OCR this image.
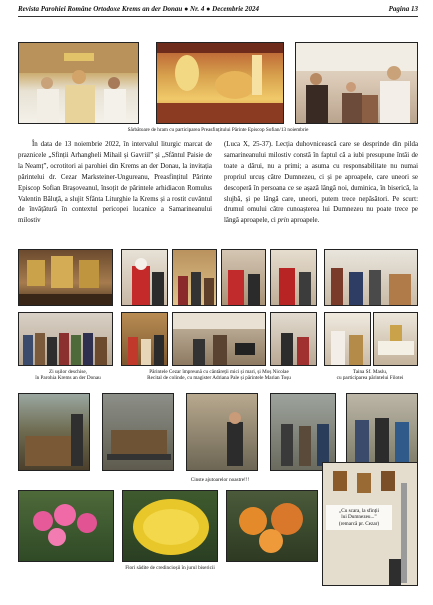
Revista Parohiei Române Ortodoxe Krems an der Donau ● Nr. 4 ● Decembrie 2024	Pagina 13
Sărbătoare de hram cu participarea Preasfințitului Părinte Episcop Sofian/13 noiembrie
În data de 13 noiembrie 2022, în intervalul liturgic marcat de praznicele „Sfinții Arhangheli Mihail și Gavriil” și „Sfântul Paisie de la Neamț”, ocrotitori ai parohiei din Krems an der Donau, la invitația părintelui dr. Cezar Marksteiner-Ungureanu, Preasfințitul Părinte Episcop Sofian Brașoveanul, însoțit de părintele arhidiacon Romulus Valentin Băluță, a slujit Sfânta Liturghie la Krems și a rostit cuvântul de învățătură în contextul pericopei lucanice a Samarineanului milostiv
(Luca X, 25-37). Lecția duhovnicească care se desprinde din pilda samarineanului milostiv constă în faptul că a iubi presupune întâi de toate a dărui, nu a primi; a asuma cu responsabilitate nu numai propriul urcuș către Dumnezeu, ci și pe aproapele, care uneori se descoperă în persoana ce se așază lângă noi, duminica, în biserică, la slujbă, și pe lângă care, uneori, putem trece nepăsători. Pe scurt: drumul omului către cunoașterea lui Dumnezeu nu poate trece pe lângă aproapele, ci prin aproapele.
Zi ușilor deschise,
în Parohia Krems an der Donau
Părintele Cezar împreună cu cântăreții mici și mari, și Moș Nicolae
Recital de colinde, cu magister Adriana Pale și părintele Marian Toșu
Taina Sf. Maslu,
cu participarea părintelui Filotei
Cinste ajutoarelor noastre!!!
Flori sădite de credincioșii în jurul bisericii
„Cu scara, la sfinții
lui Dumnezeu...”
(remarcă pr. Cezar)
